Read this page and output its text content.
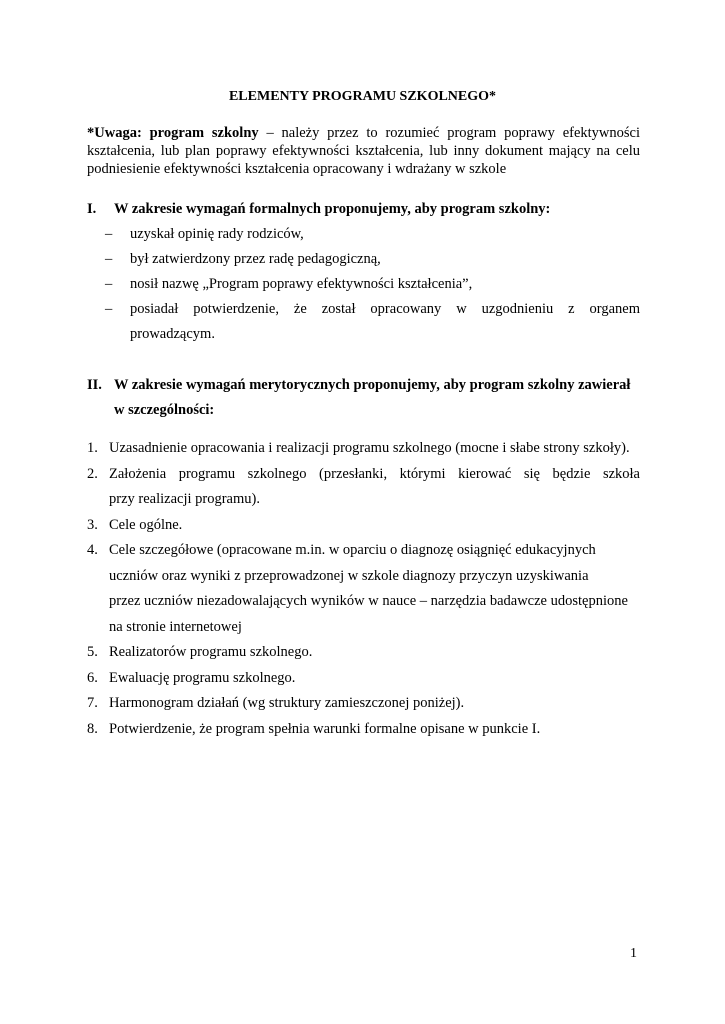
ELEMENTY PROGRAMU SZKOLNEGO*
*Uwaga: program szkolny – należy przez to rozumieć program poprawy efektywności
kształcenia, lub plan poprawy efektywności kształcenia, lub inny dokument mający na celu
podniesienie efektywności kształcenia opracowany i wdrażany w szkole
I. W zakresie wymagań formalnych proponujemy, aby program szkolny:
– uzyskał opinię rady rodziców,
– był zatwierdzony przez radę pedagogiczną,
– nosił nazwę „Program poprawy efektywności kształcenia”,
– posiadał potwierdzenie, że został opracowany w uzgodnieniu z organem
prowadzącym.
II. W zakresie wymagań merytorycznych proponujemy, aby program szkolny zawierał
w szczególności:
1. Uzasadnienie opracowania i realizacji programu szkolnego (mocne i słabe strony szkoły).
2. Założenia programu szkolnego (przesłanki, którymi kierować się będzie szkoła
przy realizacji programu).
3. Cele ogólne.
4. Cele szczegółowe (opracowane m.in. w oparciu o diagnozę osiągnięć edukacyjnych
uczniów oraz wyniki z przeprowadzonej w szkole diagnozy przyczyn uzyskiwania
przez uczniów niezadowalających wyników w nauce – narzędzia badawcze udostępnione
na stronie internetowej
5. Realizatorów programu szkolnego.
6. Ewaluację programu szkolnego.
7. Harmonogram działań (wg struktury zamieszczonej poniżej).
8. Potwierdzenie, że program spełnia warunki formalne opisane w punkcie I.
1
